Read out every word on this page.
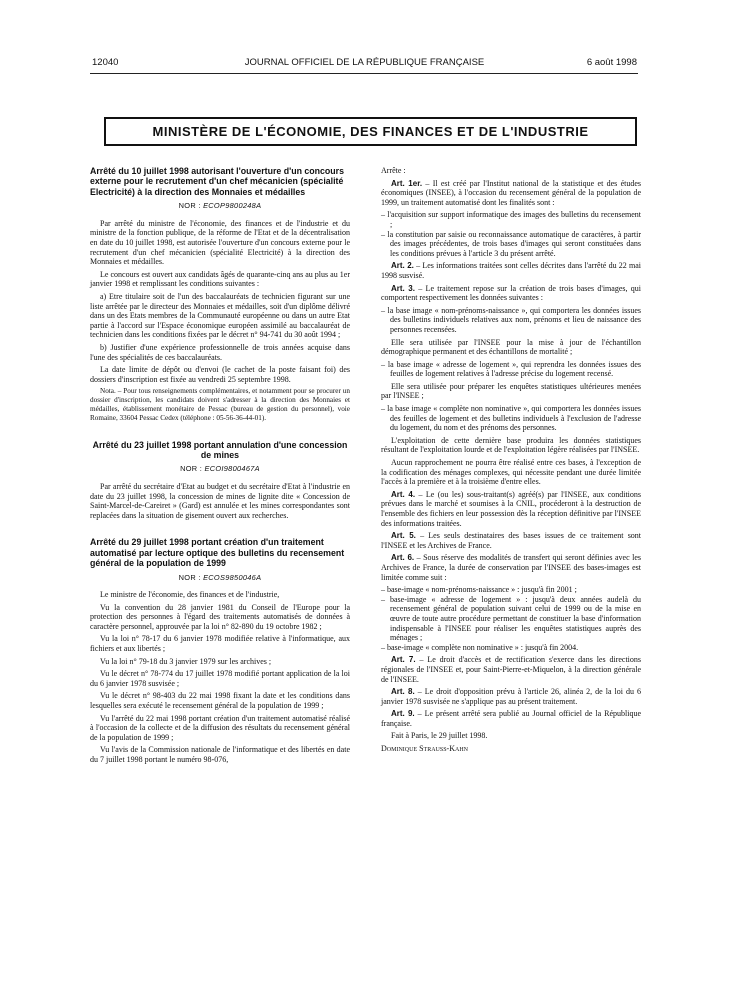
12040	JOURNAL OFFICIEL DE LA RÉPUBLIQUE FRANÇAISE	6 août 1998
MINISTÈRE DE L'ÉCONOMIE, DES FINANCES ET DE L'INDUSTRIE
Arrêté du 10 juillet 1998 autorisant l'ouverture d'un concours externe pour le recrutement d'un chef mécanicien (spécialité Electricité) à la direction des Monnaies et médailles
NOR : ECOP9800248A

Par arrêté du ministre de l'économie, des finances et de l'industrie et du ministre de la fonction publique, de la réforme de l'Etat et de la décentralisation en date du 10 juillet 1998, est autorisée l'ouverture d'un concours externe pour le recrutement d'un chef mécanicien (spécialité Electricité) à la direction des Monnaies et médailles.

Le concours est ouvert aux candidats âgés de quarante-cinq ans au plus au 1er janvier 1998 et remplissant les conditions suivantes :

a) Etre titulaire soit de l'un des baccalauréats de technicien figurant sur une liste arrêtée par le directeur des Monnaies et médailles, soit d'un diplôme délivré dans un des Etats membres de la Communauté européenne ou dans un autre Etat partie à l'accord sur l'Espace économique européen assimilé au baccalauréat de technicien dans les conditions fixées par le décret n° 94-741 du 30 août 1994 ;

b) Justifier d'une expérience professionnelle de trois années acquise dans l'une des spécialités de ces baccalauréats.

La date limite de dépôt ou d'envoi (le cachet de la poste faisant foi) des dossiers d'inscription est fixée au vendredi 25 septembre 1998.

Nota. – Pour tous renseignements complémentaires, et notamment pour se procurer un dossier d'inscription, les candidats doivent s'adresser à la direction des Monnaies et médailles, établissement monétaire de Pessac (bureau de gestion du personnel), voie Romaine, 33604 Pessac Cedex (téléphone : 05-56-36-44-01).

Arrêté du 23 juillet 1998 portant annulation d'une concession de mines
NOR : ECOI9800467A

Par arrêté du secrétaire d'Etat au budget et du secrétaire d'Etat à l'industrie en date du 23 juillet 1998, la concession de mines de lignite dite « Concession de Saint-Marcel-de-Careiret » (Gard) est annulée et les mines correspondantes sont replacées dans la situation de gisement ouvert aux recherches.

Arrêté du 29 juillet 1998 portant création d'un traitement automatisé par lecture optique des bulletins du recensement général de la population de 1999
NOR : ECOS9850046A

Le ministre de l'économie, des finances et de l'industrie,

Vu la convention du 28 janvier 1981 du Conseil de l'Europe pour la protection des personnes à l'égard des traitements automatisés de données à caractère personnel, approuvée par la loi n° 82-890 du 19 octobre 1982 ;

Vu la loi n° 78-17 du 6 janvier 1978 modifiée relative à l'informatique, aux fichiers et aux libertés ;

Vu la loi n° 79-18 du 3 janvier 1979 sur les archives ;

Vu le décret n° 78-774 du 17 juillet 1978 modifié portant application de la loi du 6 janvier 1978 susvisée ;

Vu le décret n° 98-403 du 22 mai 1998 fixant la date et les conditions dans lesquelles sera exécuté le recensement général de la population de 1999 ;

Vu l'arrêté du 22 mai 1998 portant création d'un traitement automatisé réalisé à l'occasion de la collecte et de la diffusion des résultats du recensement général de la population de 1999 ;

Vu l'avis de la Commission nationale de l'informatique et des libertés en date du 7 juillet 1998 portant le numéro 98-076,

Arrête :

Art. 1er. – Il est créé par l'Institut national de la statistique et des études économiques (INSEE), à l'occasion du recensement général de la population de 1999, un traitement automatisé dont les finalités sont :

– l'acquisition sur support informatique des images des bulletins du recensement ;
– la constitution par saisie ou reconnaissance automatique de caractères, à partir des images précédentes, de trois bases d'images qui seront constituées dans les conditions prévues à l'article 3 du présent arrêté.

Art. 2. – Les informations traitées sont celles décrites dans l'arrêté du 22 mai 1998 susvisé.

Art. 3. – Le traitement repose sur la création de trois bases d'images, qui comportent respectivement les données suivantes :

– la base image « nom-prénoms-naissance », qui comportera les données issues des bulletins individuels relatives aux nom, prénoms et lieu de naissance des personnes recensées.

Elle sera utilisée par l'INSEE pour la mise à jour de l'échantillon démographique permanent et des échantillons de mortalité ;

– la base image « adresse de logement », qui reprendra les données issues des feuilles de logement relatives à l'adresse précise du logement recensé.

Elle sera utilisée pour préparer les enquêtes statistiques ultérieures menées par l'INSEE ;

– la base image « complète non nominative », qui comportera les données issues des feuilles de logement et des bulletins individuels à l'exclusion de l'adresse du logement, du nom et des prénoms des personnes.

L'exploitation de cette dernière base produira les données statistiques résultant de l'exploitation lourde et de l'exploitation légère réalisées par l'INSEE.

Aucun rapprochement ne pourra être réalisé entre ces bases, à l'exception de la codification des ménages complexes, qui nécessite pendant une durée limitée l'accès à la première et à la troisième d'entre elles.

Art. 4. – Le (ou les) sous-traitant(s) agréé(s) par l'INSEE, aux conditions prévues dans le marché et soumises à la CNIL, procéderont à la destruction de l'ensemble des fichiers en leur possession dès la réception définitive par l'INSEE des informations traitées.

Art. 5. – Les seuls destinataires des bases issues de ce traitement sont l'INSEE et les Archives de France.

Art. 6. – Sous réserve des modalités de transfert qui seront définies avec les Archives de France, la durée de conservation par l'INSEE des bases-images est limitée comme suit :

– base-image « nom-prénoms-naissance » : jusqu'à fin 2001 ;
– base-image « adresse de logement » : jusqu'à deux années audelà du recensement général de population suivant celui de 1999 ou de la mise en œuvre de toute autre procédure permettant de constituer la base d'information indispensable à l'INSEE pour réaliser les enquêtes statistiques auprès des ménages ;
– base-image « complète non nominative » : jusqu'à fin 2004.

Art. 7. – Le droit d'accès et de rectification s'exerce dans les directions régionales de l'INSEE et, pour Saint-Pierre-et-Miquelon, à la direction générale de l'INSEE.

Art. 8. – Le droit d'opposition prévu à l'article 26, alinéa 2, de la loi du 6 janvier 1978 susvisée ne s'applique pas au présent traitement.

Art. 9. – Le présent arrêté sera publié au Journal officiel de la République française.

Fait à Paris, le 29 juillet 1998.

Dominique Strauss-Kahn
